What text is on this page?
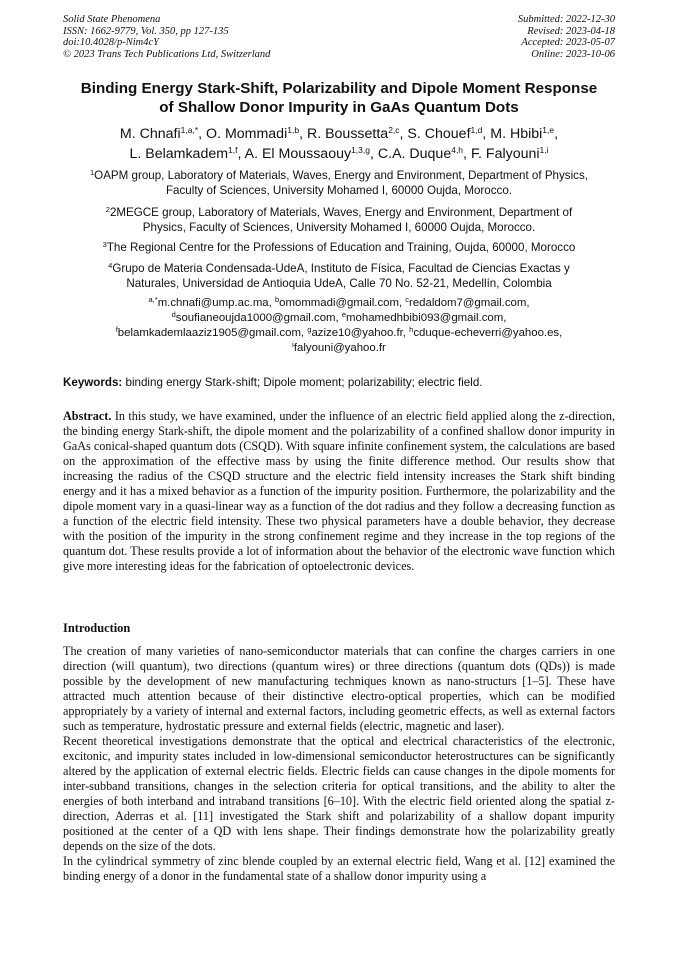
Solid State Phenomena
ISSN: 1662-9779, Vol. 350, pp 127-135
doi:10.4028/p-Nim4cY
© 2023 Trans Tech Publications Ltd, Switzerland
Submitted: 2022-12-30
Revised: 2023-04-18
Accepted: 2023-05-07
Online: 2023-10-06
Binding Energy Stark-Shift, Polarizability and Dipole Moment Response
of Shallow Donor Impurity in GaAs Quantum Dots
M. Chnafi$^{1,a,*}$, O. Mommadi$^{1,b}$, R. Boussetta$^{2,c}$, S. Chouef$^{1,d}$, M. Hbibi$^{1,e}$,
L. Belamkadem$^{1,f}$, A. El Moussaouy$^{1,3,g}$, C.A. Duque$^{4,h}$, F. Falyouni$^{1,i}$
$^1$OAPM group, Laboratory of Materials, Waves, Energy and Environment, Department of Physics,
Faculty of Sciences, University Mohamed I, 60000 Oujda, Morocco.
$^2$2MEGCE group, Laboratory of Materials, Waves, Energy and Environment, Department of
Physics, Faculty of Sciences, University Mohamed I, 60000 Oujda, Morocco.
$^3$The Regional Centre for the Professions of Education and Training, Oujda, 60000, Morocco
$^4$Grupo de Materia Condensada-UdeA, Instituto de Física, Facultad de Ciencias Exactas y
Naturales, Universidad de Antioquia UdeA, Calle 70 No. 52-21, Medellín, Colombia
$^{a,*}$m.chnafi@ump.ac.ma, $^b$omommadi@gmail.com, $^c$redaldom7@gmail.com,
$^d$soufianeoujda1000@gmail.com, $^e$mohamedhbibi093@gmail.com,
$^f$belamkademlaaziz1905@gmail.com, $^g$azize10@yahoo.fr, $^h$cduque-echeverri@yahoo.es,
$^i$falyouni@yahoo.fr
Keywords: binding energy Stark-shift; Dipole moment; polarizability; electric field.
Abstract. In this study, we have examined, under the influence of an electric field applied along the z-direction, the binding energy Stark-shift, the dipole moment and the polarizability of a confined shallow donor impurity in GaAs conical-shaped quantum dots (CSQD). With square infinite confinement system, the calculations are based on the approximation of the effective mass by using the finite difference method. Our results show that increasing the radius of the CSQD structure and the electric field intensity increases the Stark shift binding energy and it has a mixed behavior as a function of the impurity position. Furthermore, the polarizability and the dipole moment vary in a quasi-linear way as a function of the dot radius and they follow a decreasing function as a function of the electric field intensity. These two physical parameters have a double behavior, they decrease with the position of the impurity in the strong confinement regime and they increase in the top regions of the quantum dot. These results provide a lot of information about the behavior of the electronic wave function which give more interesting ideas for the fabrication of optoelectronic devices.
Introduction

The creation of many varieties of nano-semiconductor materials that can confine the charges carriers in one direction (will quantum), two directions (quantum wires) or three directions (quantum dots (QDs)) is made possible by the development of new manufacturing techniques known as nano-structurs [1–5]. These have attracted much attention because of their distinctive electro-optical properties, which can be modified appropriately by a variety of internal and external factors, including geometric effects, as well as external factors such as temperature, hydrostatic pressure and external fields (electric, magnetic and laser).

Recent theoretical investigations demonstrate that the optical and electrical characteristics of the electronic, excitonic, and impurity states included in low-dimensional semiconductor heterostructures can be significantly altered by the application of external electric fields. Electric fields can cause changes in the dipole moments for inter-subband transitions, changes in the selection criteria for optical transitions, and the ability to alter the energies of both interband and intraband transitions [6–10]. With the electric field oriented along the spatial z-direction, Aderras et al. [11] investigated the Stark shift and polarizability of a shallow dopant impurity positioned at the center of a QD with lens shape. Their findings demonstrate how the polarizability greatly depends on the size of the dots.

In the cylindrical symmetry of zinc blende coupled by an external electric field, Wang et al. [12] examined the binding energy of a donor in the fundamental state of a shallow donor impurity using a
